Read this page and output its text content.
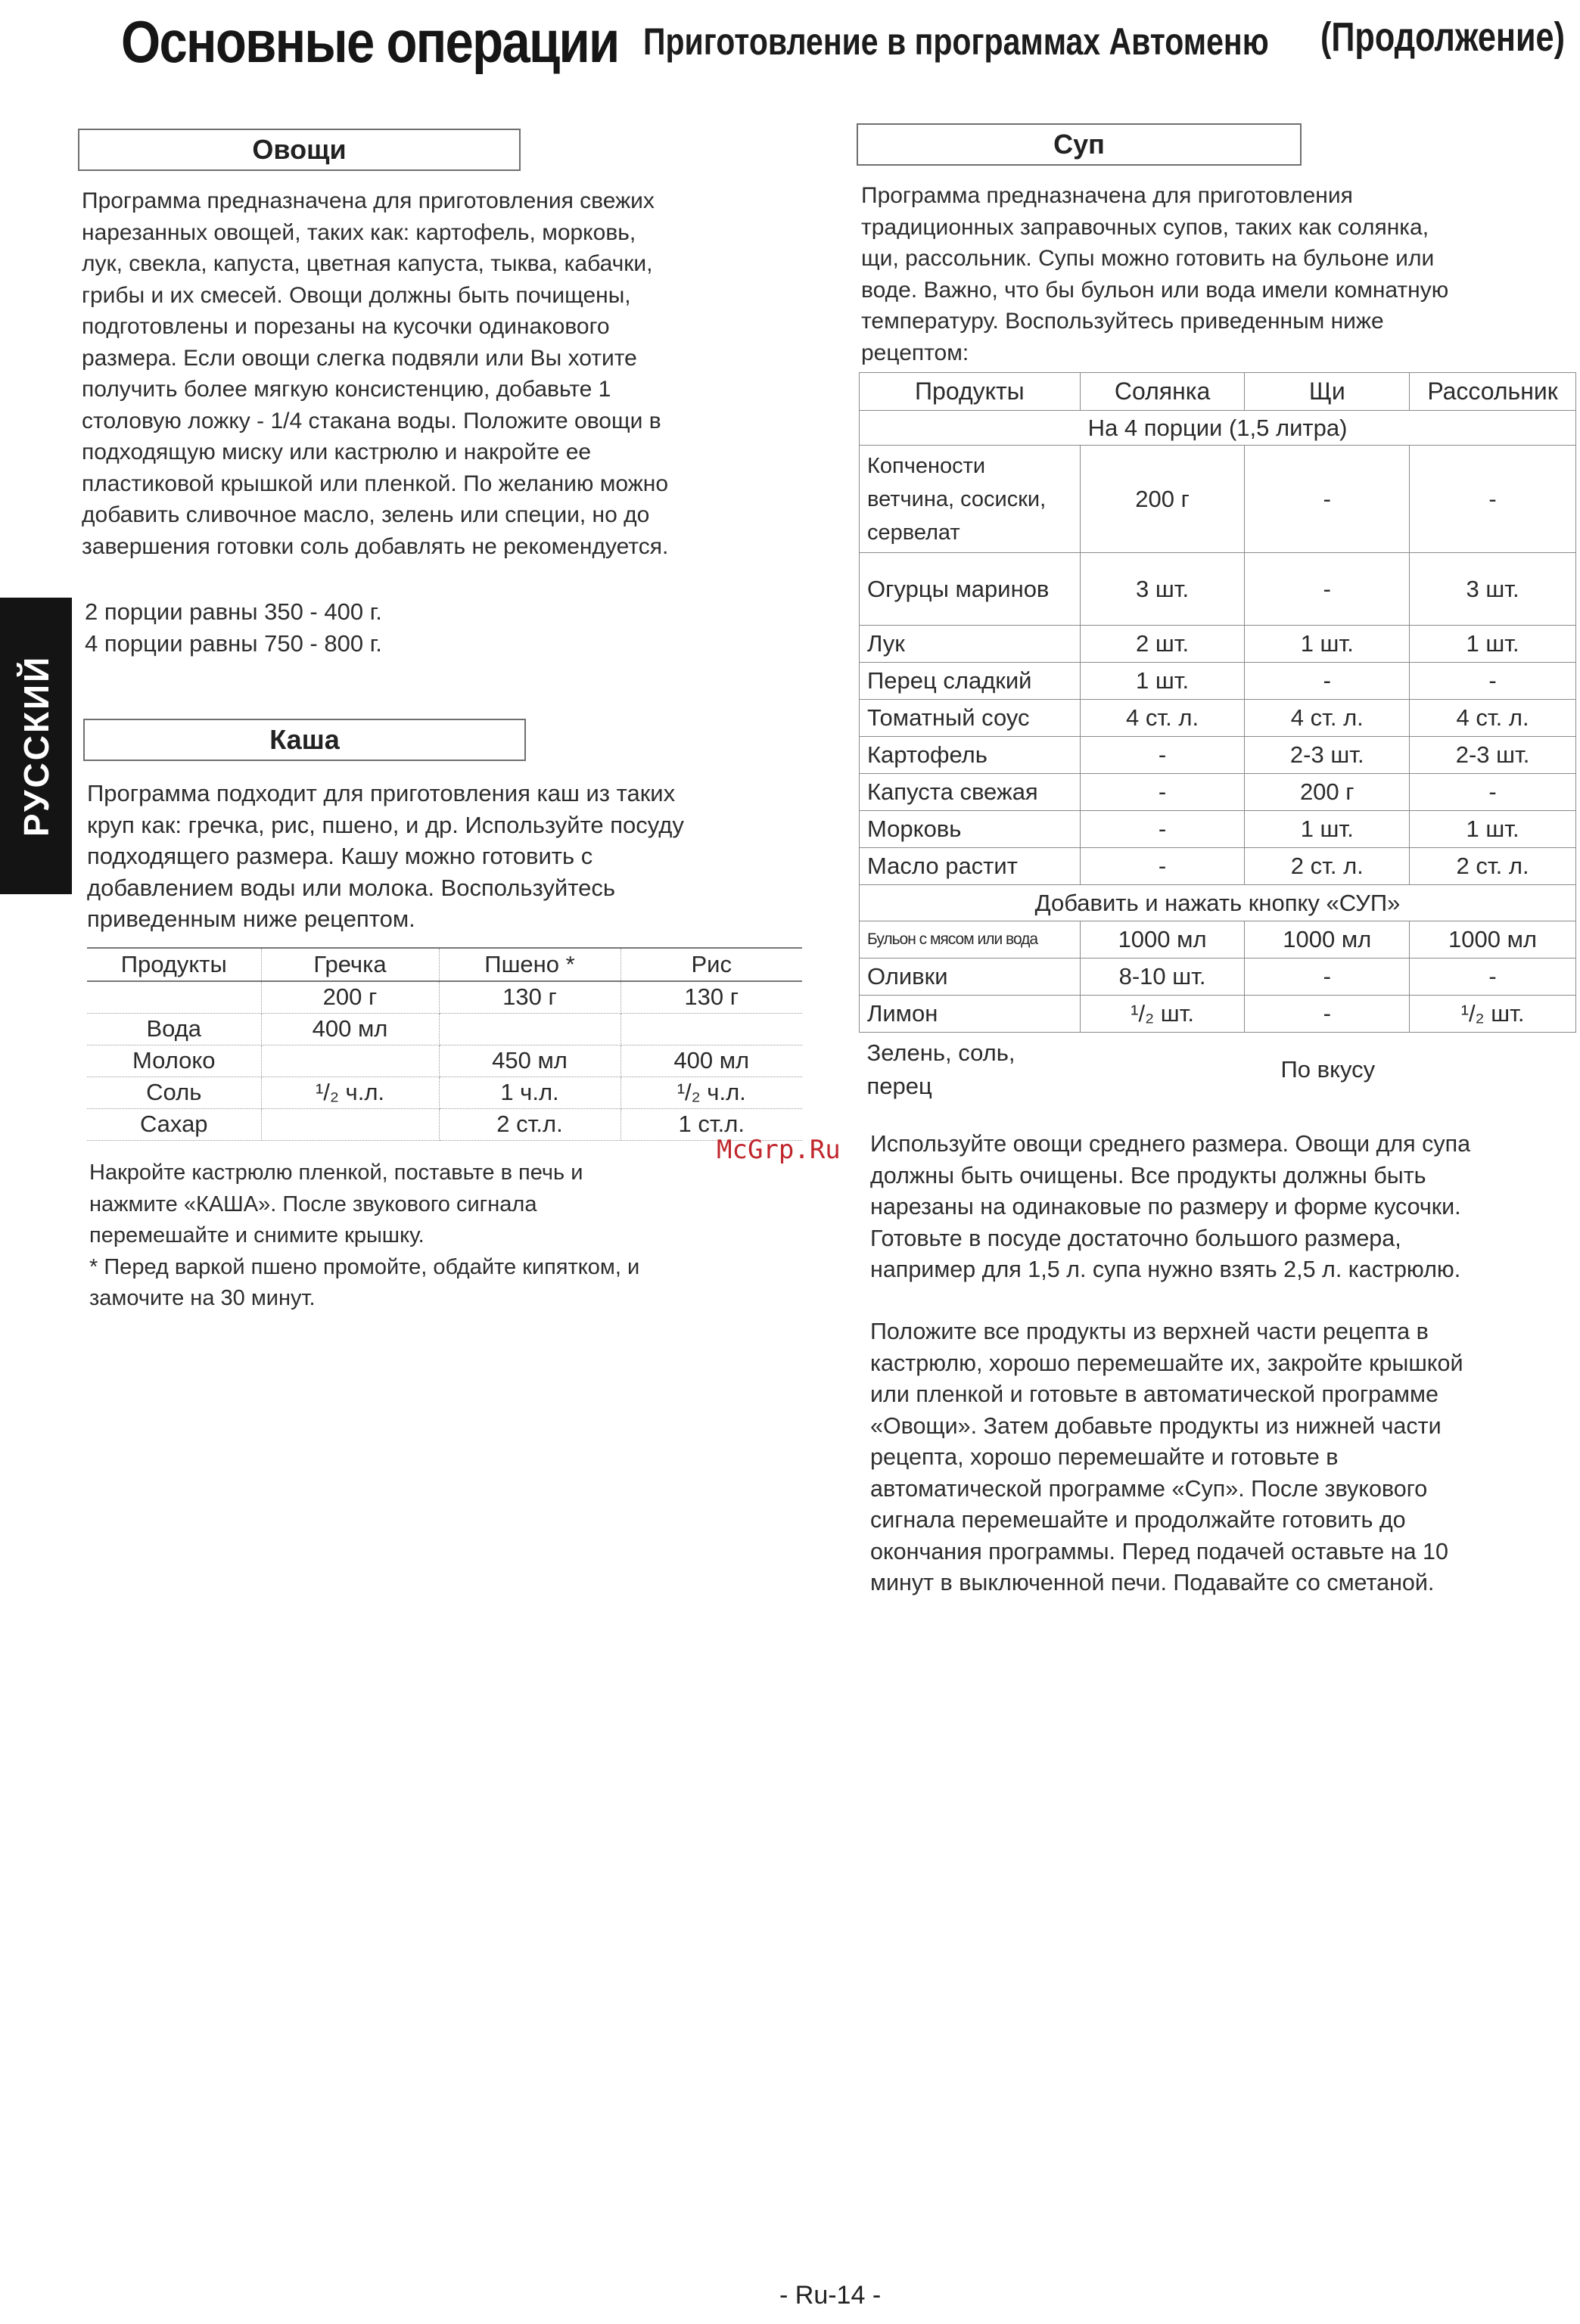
Основные операции Приготовление в программах Автоменю (Продолжение)
РУССКИЙ
Овощи
Программа предназначена для приготовления свежих
нарезанных овощей, таких как: картофель, морковь,
лук, свекла, капуста, цветная капуста, тыква, кабачки,
грибы и их смесей. Овощи должны быть почищены,
подготовлены и порезаны на кусочки одинакового
размера. Если овощи слегка подвяли или Вы хотите
получить более мягкую консистенцию, добавьте 1
столовую ложку - 1/4 стакана воды. Положите овощи в
подходящую миску или кастрюлю и накройте ее
пластиковой крышкой или пленкой. По желанию можно
добавить сливочное масло, зелень или специи, но до
завершения готовки соль добавлять не рекомендуется.
2 порции равны 350 - 400 г.
4 порции равны 750 - 800 г.
Каша
Программа подходит для приготовления каш из таких
круп как: гречка, рис, пшено, и др. Используйте посуду
подходящего размера. Кашу можно готовить с
добавлением воды или молока. Воспользуйтесь
приведенным ниже рецептом.
Продукты	Гречка	Пшено *	Рис
	200 г	130 г	130 г
Вода	400 мл		
Молоко		450 мл	400 мл
Соль	¹/₂ ч.л.	1 ч.л.	¹/₂ ч.л.
Сахар		2 ст.л.	1 ст.л.
Накройте кастрюлю пленкой, поставьте в печь и
нажмите «КАША». После звукового сигнала
перемешайте и снимите крышку.
* Перед варкой пшено промойте, обдайте кипятком, и
замочите на 30 минут.
McGrp.Ru
Суп
Программа предназначена для приготовления
традиционных заправочных супов, таких как солянка,
щи, рассольник. Супы можно готовить на бульоне или
воде. Важно, что бы бульон или вода имели комнатную
температуру. Воспользуйтесь приведенным ниже
рецептом:
Продукты	Солянка	Щи	Рассольник
На 4 порции (1,5 литра)			
Копчености ветчина, сосиски, сервелат	200 г	-	-
Огурцы маринов	3 шт.	-	3 шт.
Лук	2 шт.	1 шт.	1 шт.
Перец сладкий	1 шт.	-	-
Томатный соус	4 ст. л.	4 ст. л.	4 ст. л.
Картофель	-	2-3 шт.	2-3 шт.
Капуста свежая	-	200 г	-
Морковь	-	1 шт.	1 шт.
Масло растит	-	2 ст. л.	2 ст. л.
Добавить и нажать кнопку «СУП»			
Бульон с мясом или вода	1000 мл	1000 мл	1000 мл
Оливки	8-10 шт.	-	-
Лимон	¹/₂ шт.	-	¹/₂ шт.
Зелень, соль, перец	По вкусу		
Используйте овощи среднего размера. Овощи для супа
должны быть очищены. Все продукты должны быть
нарезаны на одинаковые по размеру и форме кусочки.
Готовьте в посуде достаточно большого размера,
например для 1,5 л. супа нужно взять 2,5 л. кастрюлю.
Положите все продукты из верхней части рецепта в
кастрюлю, хорошо перемешайте их, закройте крышкой
или пленкой и готовьте в автоматической программе
«Овощи». Затем добавьте продукты из нижней части
рецепта, хорошо перемешайте и готовьте в
автоматической программе «Суп». После звукового
сигнала перемешайте и продолжайте готовить до
окончания программы. Перед подачей оставьте на 10
минут в выключенной печи. Подавайте со сметаной.
- Ru-14 -
